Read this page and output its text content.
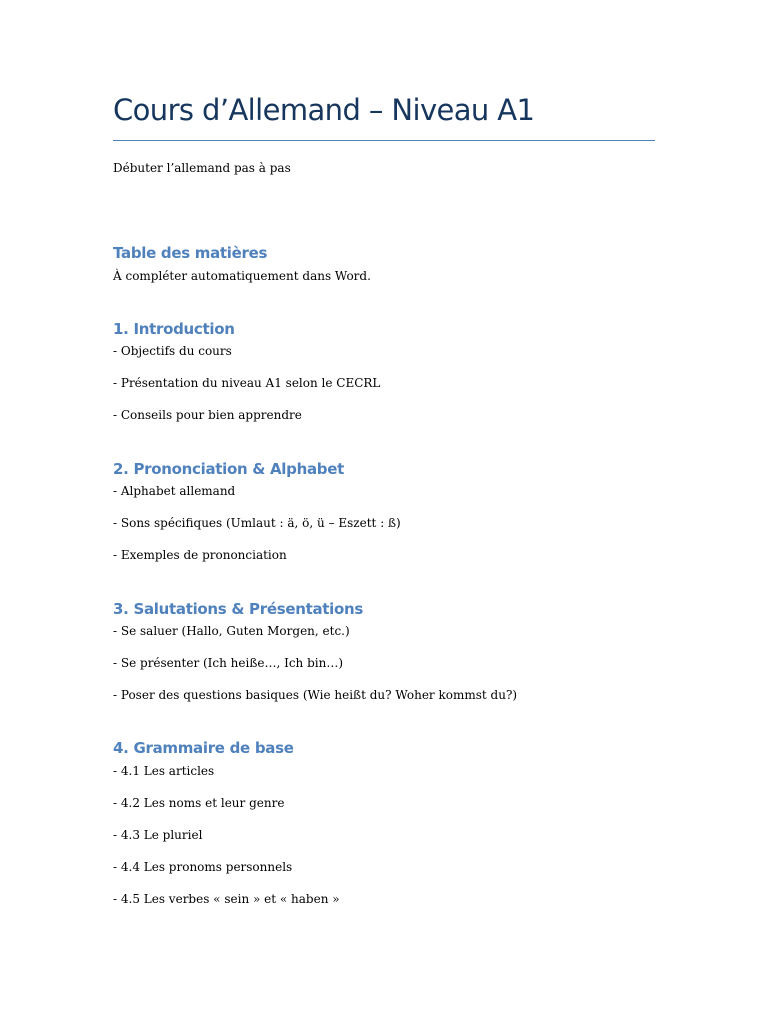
Cours d’Allemand – Niveau A1

Débuter l’allemand pas à pas

Table des matières

À compléter automatiquement dans Word.

1. Introduction

- Objectifs du cours

- Présentation du niveau A1 selon le CECRL

- Conseils pour bien apprendre

2. Prononciation & Alphabet

- Alphabet allemand

- Sons spécifiques (Umlaut : ä, ö, ü – Eszett : ß)

- Exemples de prononciation

3. Salutations & Présentations

- Se saluer (Hallo, Guten Morgen, etc.)

- Se présenter (Ich heiße…, Ich bin…)

- Poser des questions basiques (Wie heißt du? Woher kommst du?)

4. Grammaire de base

- 4.1 Les articles

- 4.2 Les noms et leur genre

- 4.3 Le pluriel

- 4.4 Les pronoms personnels

- 4.5 Les verbes « sein » et « haben »
